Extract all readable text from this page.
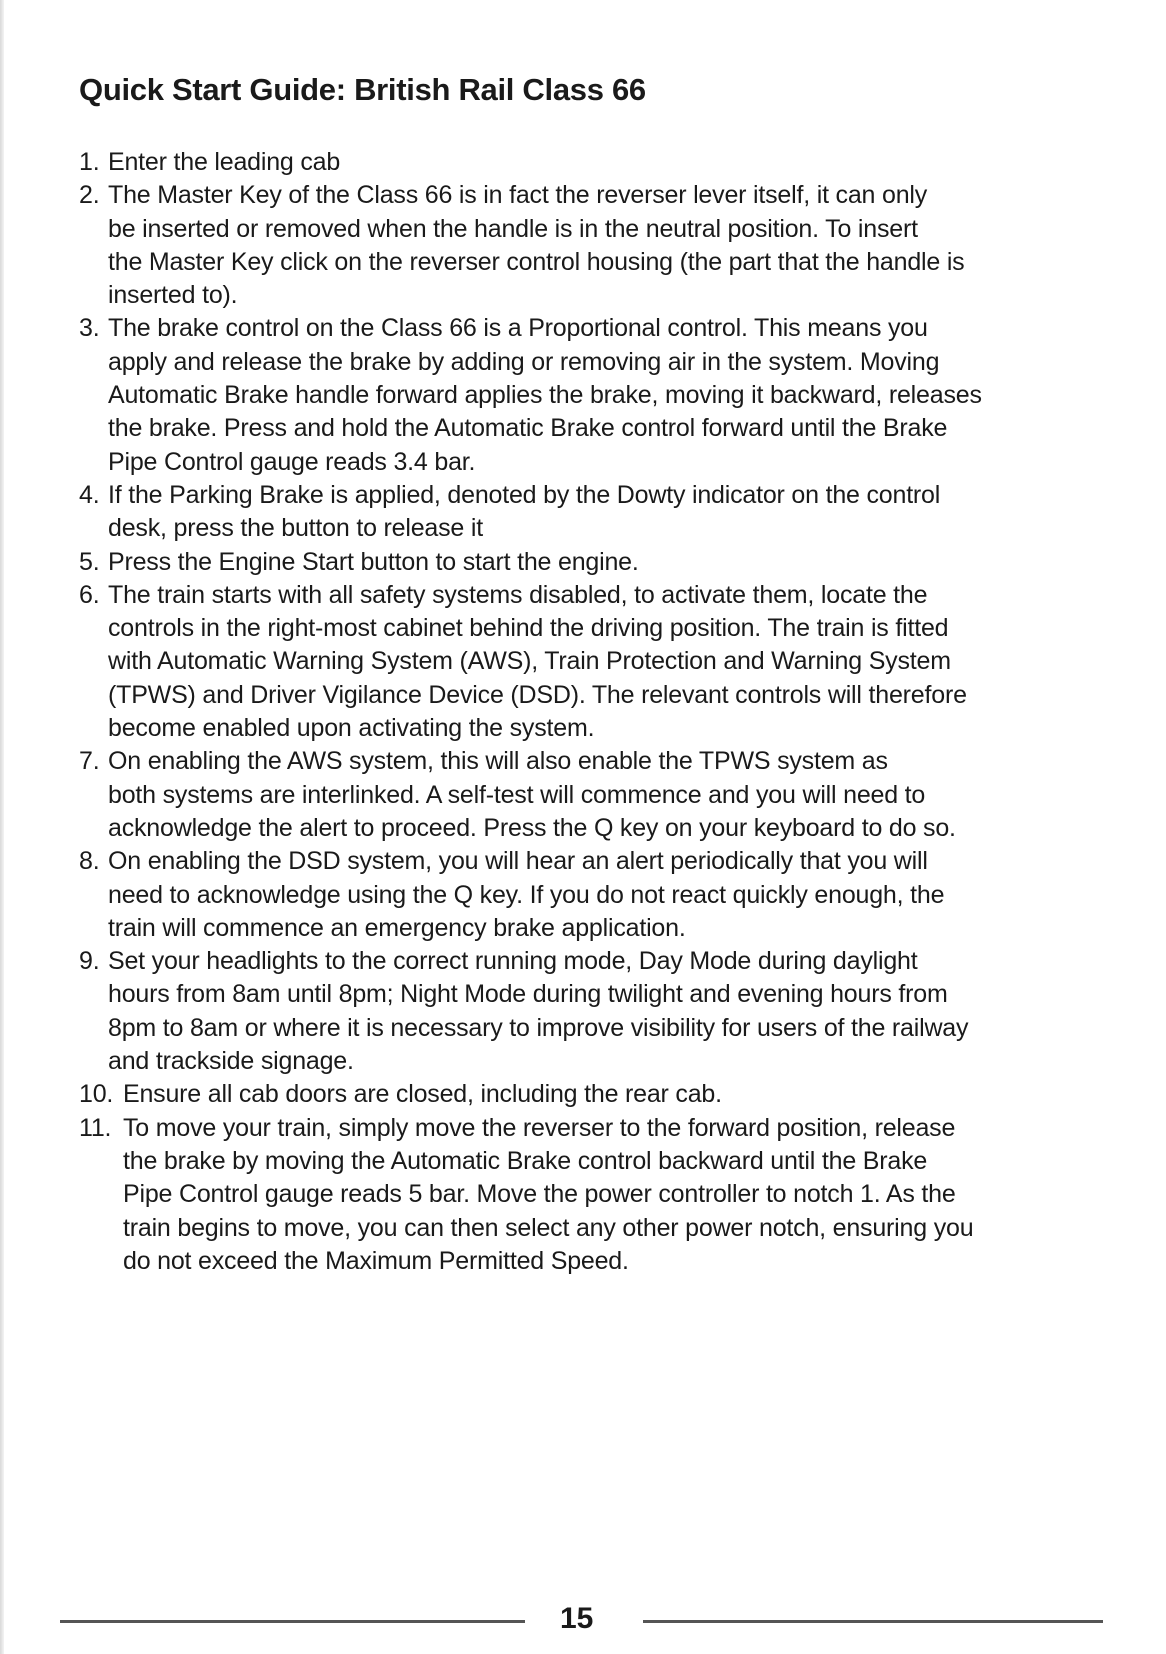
Quick Start Guide: British Rail Class 66
1. Enter the leading cab
2. The Master Key of the Class 66 is in fact the reverser lever itself, it can only
be inserted or removed when the handle is in the neutral position. To insert
the Master Key click on the reverser control housing (the part that the handle is
inserted to).
3. The brake control on the Class 66 is a Proportional control. This means you
apply and release the brake by adding or removing air in the system. Moving
Automatic Brake handle forward applies the brake, moving it backward, releases
the brake. Press and hold the Automatic Brake control forward until the Brake
Pipe Control gauge reads 3.4 bar.
4. If the Parking Brake is applied, denoted by the Dowty indicator on the control
desk, press the button to release it
5. Press the Engine Start button to start the engine.
6. The train starts with all safety systems disabled, to activate them, locate the
controls in the right-most cabinet behind the driving position. The train is fitted
with Automatic Warning System (AWS), Train Protection and Warning System
(TPWS) and Driver Vigilance Device (DSD). The relevant controls will therefore
become enabled upon activating the system.
7. On enabling the AWS system, this will also enable the TPWS system as
both systems are interlinked. A self-test will commence and you will need to
acknowledge the alert to proceed. Press the Q key on your keyboard to do so.
8. On enabling the DSD system, you will hear an alert periodically that you will
need to acknowledge using the Q key. If you do not react quickly enough, the
train will commence an emergency brake application.
9. Set your headlights to the correct running mode, Day Mode during daylight
hours from 8am until 8pm; Night Mode during twilight and evening hours from
8pm to 8am or where it is necessary to improve visibility for users of the railway
and trackside signage.
10. Ensure all cab doors are closed, including the rear cab.
11. To move your train, simply move the reverser to the forward position, release
the brake by moving the Automatic Brake control backward until the Brake
Pipe Control gauge reads 5 bar. Move the power controller to notch 1. As the
train begins to move, you can then select any other power notch, ensuring you
do not exceed the Maximum Permitted Speed.
15
